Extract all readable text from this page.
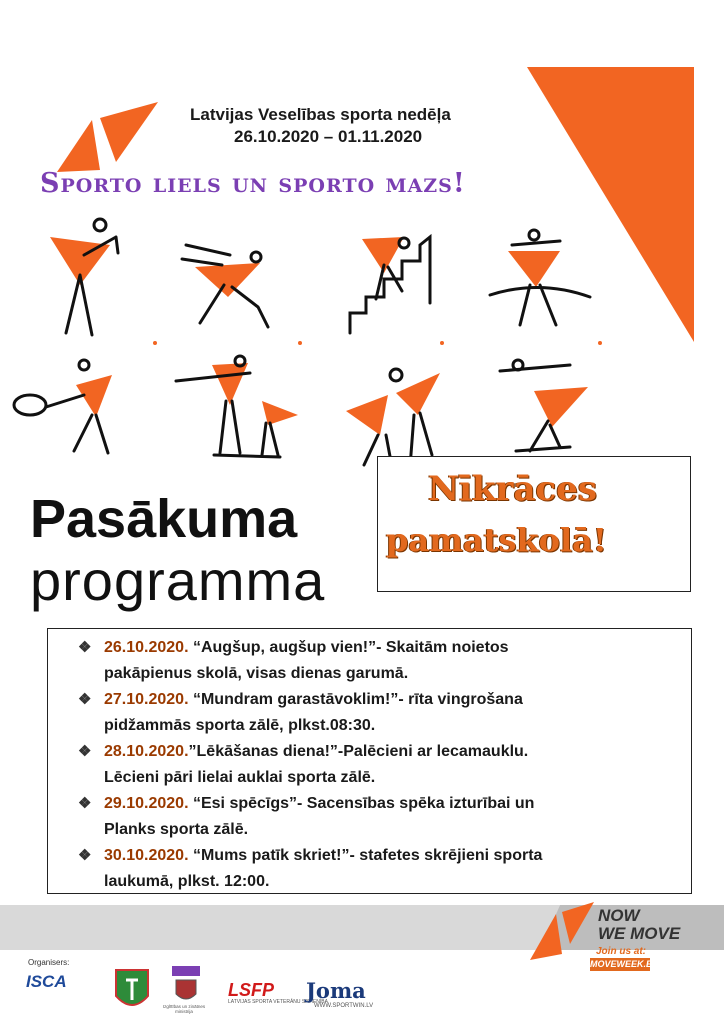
Latvijas Veselības sporta nedēļa
26.10.2020 – 01.11.2020
Sporto liels un sporto mazs!
Pasākuma
programma
Nīkrāces
pamatskolā!
❖ 26.10.2020. “Augšup, augšup vien!”- Skaitām noietos
pakāpienus skolā, visas dienas garumā.
❖ 27.10.2020. “Mundram garastāvoklim!”- rīta vingrošana
pidžammās sporta zālē, plkst.08:30.
❖ 28.10.2020.”Lēkāšanas diena!”-Palēcieni ar lecamauklu.
Lēcieni pāri lielai auklai sporta zālē.
❖ 29.10.2020. “Esi spēcīgs”- Sacensības spēka izturībai un
Planks sporta zālē.
❖ 30.10.2020. “Mums patīk skriet!”- stafetes skrējieni sporta
laukumā, plkst. 12:00.
NOW
WE MOVE
Join us at:
MOVEWEEK.EU
Organisers:
ISCA
Izglītības un zinātnes ministrija
LSFP
LATVIJAS SPORTA VETERĀNU SAVIENĪBA
Joma
WWW.SPORTWIN.LV
